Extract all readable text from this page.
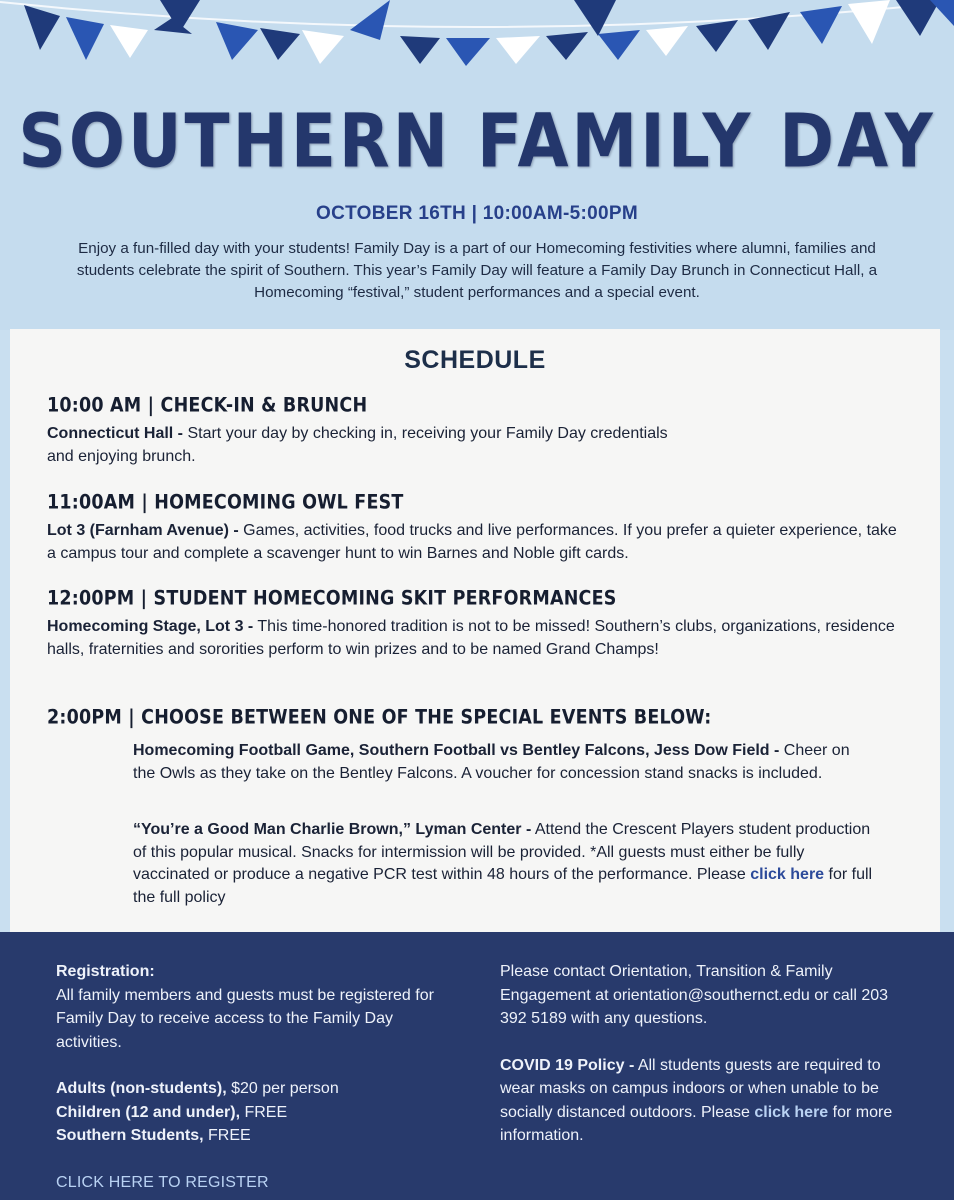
SOUTHERN FAMILY DAY

OCTOBER 16TH | 10:00AM-5:00PM

Enjoy a fun-filled day with your students! Family Day is a part of our Homecoming festivities where alumni, families and students celebrate the spirit of Southern. This year’s Family Day will feature a Family Day Brunch in Connecticut Hall, a Homecoming “festival,” student performances and a special event.

SCHEDULE
10:00 AM | CHECK-IN & BRUNCH

Connecticut Hall - Start your day by checking in, receiving your Family Day credentials and enjoying brunch.

11:00AM | HOMECOMING OWL FEST

Lot 3 (Farnham Avenue) - Games, activities, food trucks and live performances. If you prefer a quieter experience, take a campus tour and complete a scavenger hunt to win Barnes and Noble gift cards.

12:00PM | STUDENT HOMECOMING SKIT PERFORMANCES

Homecoming Stage, Lot 3 - This time-honored tradition is not to be missed! Southern’s clubs, organizations, residence halls, fraternities and sororities perform to win prizes and to be named Grand Champs!

2:00PM | CHOOSE BETWEEN ONE OF THE SPECIAL EVENTS BELOW:

Homecoming Football Game, Southern Football vs Bentley Falcons, Jess Dow Field - Cheer on the Owls as they take on the Bentley Falcons. A voucher for concession stand snacks is included.

“You’re a Good Man Charlie Brown,” Lyman Center - Attend the Crescent Players student production of this popular musical. Snacks for intermission will be provided. *All guests must either be fully vaccinated or produce a negative PCR test within 48 hours of the performance. Please click here for full the full policy

Registration:

All family members and guests must be registered for Family Day to receive access to the Family Day activities.

Adults (non-students), $20 per person

Children (12 and under), FREE

Southern Students, FREE

CLICK HERE TO REGISTER

Please contact Orientation, Transition & Family Engagement at orientation@southernct.edu or call 203 392 5189 with any questions.

COVID 19 Policy - All students guests are required to wear masks on campus indoors or when unable to be socially distanced outdoors. Please click here for more information.
